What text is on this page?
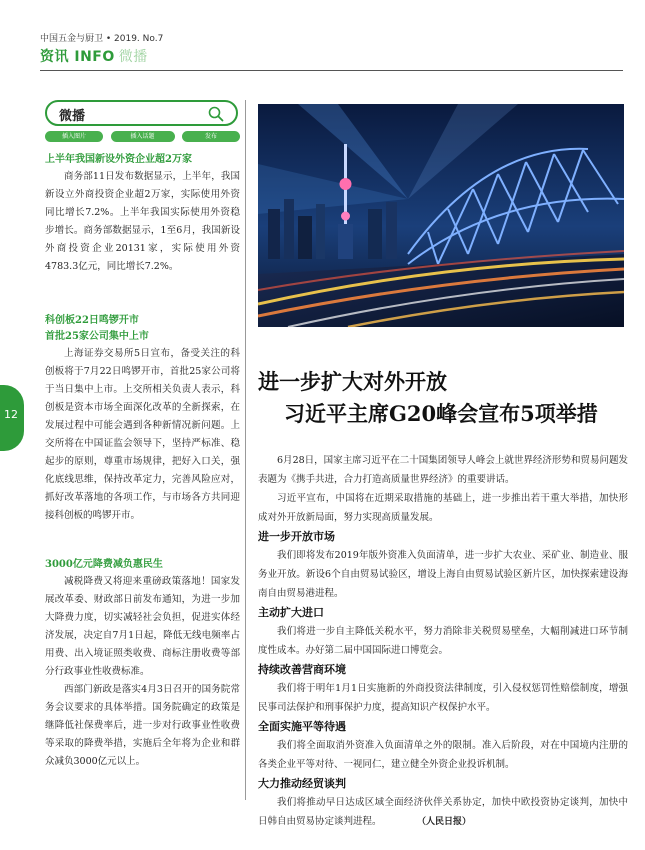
中国五金与厨卫 • 2019. No.7
资讯 INFO 微播
微播
插入图片	插入话题	发布
上半年我国新设外资企业超2万家

商务部11日发布数据显示，上半年，我国新设立外商投资企业超2万家，实际使用外资同比增长7.2%。上半年我国实际使用外资稳步增长。商务部数据显示，1至6月，我国新设外商投资企业20131家，实际使用外资4783.3亿元，同比增长7.2%。

科创板22日鸣锣开市
首批25家公司集中上市

上海证券交易所5日宣布，备受关注的科创板将于7月22日鸣锣开市，首批25家公司将于当日集中上市。上交所相关负责人表示，科创板是资本市场全面深化改革的全新探索，在发展过程中可能会遇到各种新情况新问题。上交所将在中国证监会领导下，坚持严标准、稳起步的原则，尊重市场规律，把好入口关，强化底线思维，保持改革定力，完善风险应对，抓好改革落地的各项工作，与市场各方共同迎接科创板的鸣锣开市。

3000亿元降费减负惠民生

减税降费又将迎来重磅政策落地！国家发展改革委、财政部日前发布通知，为进一步加大降费力度，切实减轻社会负担，促进实体经济发展，决定自7月1日起，降低无线电频率占用费、出入境证照类收费、商标注册收费等部分行政事业性收费标准。

西部门新政是落实4月3日召开的国务院常务会议要求的具体举措。国务院确定的政策是继降低社保费率后，进一步对行政事业性收费等采取的降费举措，实施后全年将为企业和群众减负3000亿元以上。

进一步扩大对外开放
习近平主席G20峰会宣布5项举措

6月28日，国家主席习近平在二十国集团领导人峰会上就世界经济形势和贸易问题发表题为《携手共进，合力打造高质量世界经济》的重要讲话。

习近平宣布，中国将在近期采取措施的基础上，进一步推出若干重大举措，加快形成对外开放新局面，努力实现高质量发展。

进一步开放市场

我们即将发布2019年版外资准入负面清单，进一步扩大农业、采矿业、制造业、服务业开放。新设6个自由贸易试验区，增设上海自由贸易试验区新片区，加快探索建设海南自由贸易港进程。

主动扩大进口

我们将进一步自主降低关税水平，努力消除非关税贸易壁垒，大幅削减进口环节制度性成本。办好第二届中国国际进口博览会。

持续改善营商环境

我们将于明年1月1日实施新的外商投资法律制度，引入侵权惩罚性赔偿制度，增强民事司法保护和刑事保护力度，提高知识产权保护水平。

全面实施平等待遇

我们将全面取消外资准入负面清单之外的限制。准入后阶段，对在中国境内注册的各类企业平等对待、一视同仁，建立健全外资企业投诉机制。

大力推动经贸谈判

我们将推动早日达成区域全面经济伙伴关系协定，加快中欧投资协定谈判，加快中日韩自由贸易协定谈判进程。	（人民日报）

12
